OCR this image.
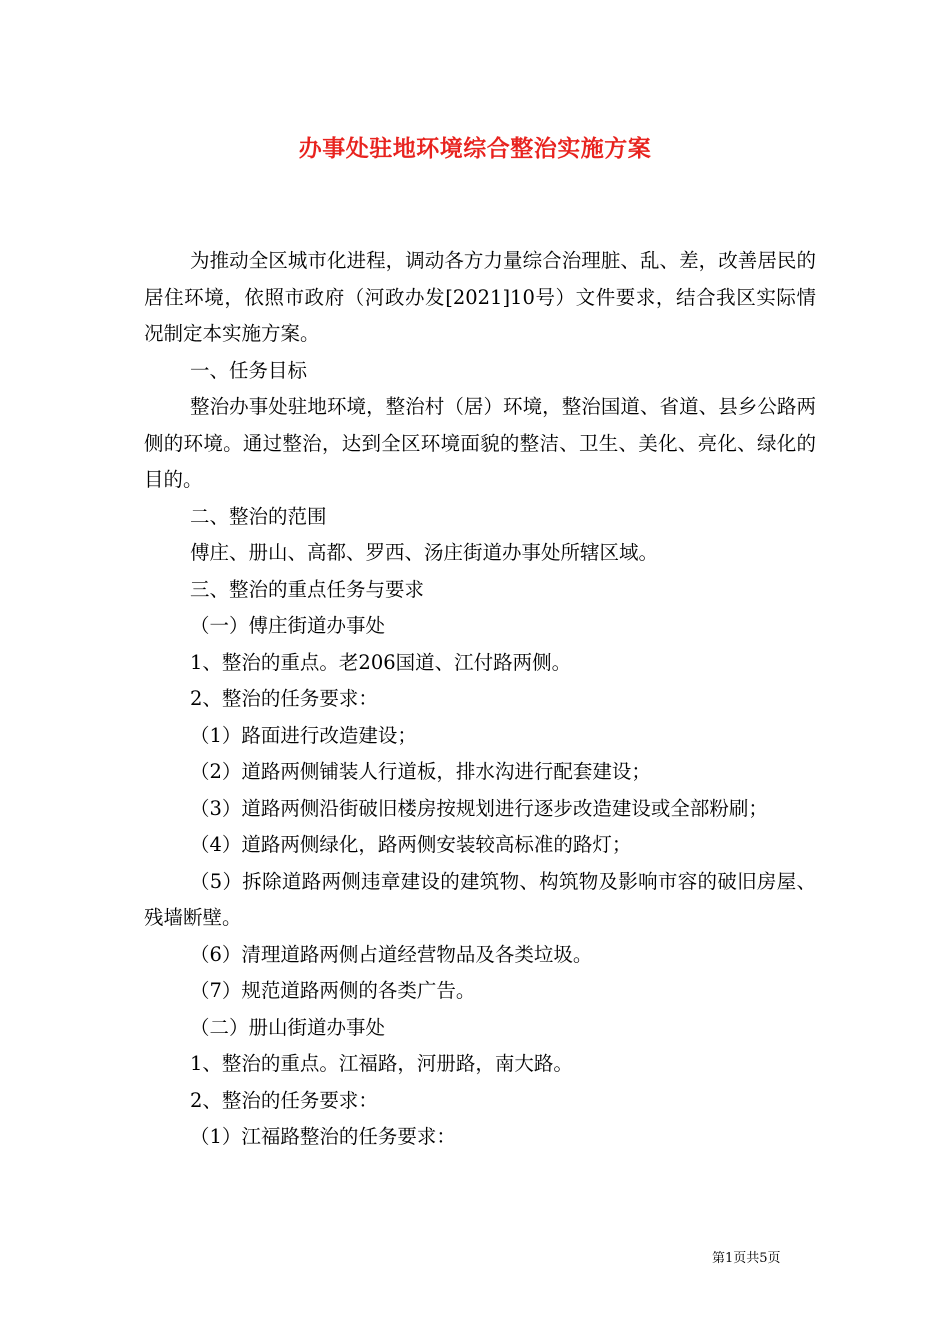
办事处驻地环境综合整治实施方案

为推动全区城市化进程，调动各方力量综合治理脏、乱、差，改善居民的居住环境，依照市政府（河政办发[2021]10号）文件要求，结合我区实际情况制定本实施方案。

一、任务目标

整治办事处驻地环境，整治村（居）环境，整治国道、省道、县乡公路两侧的环境。通过整治，达到全区环境面貌的整洁、卫生、美化、亮化、绿化的目的。

二、整治的范围

傅庄、册山、高都、罗西、汤庄街道办事处所辖区域。

三、整治的重点任务与要求

（一）傅庄街道办事处

1、整治的重点。老206国道、江付路两侧。

2、整治的任务要求：

（1）路面进行改造建设；

（2）道路两侧铺装人行道板，排水沟进行配套建设；

（3）道路两侧沿街破旧楼房按规划进行逐步改造建设或全部粉刷；

（4）道路两侧绿化，路两侧安装较高标准的路灯；

（5）拆除道路两侧违章建设的建筑物、构筑物及影响市容的破旧房屋、残墙断壁。

（6）清理道路两侧占道经营物品及各类垃圾。

（7）规范道路两侧的各类广告。

（二）册山街道办事处

1、整治的重点。江福路，河册路，南大路。

2、整治的任务要求：

（1）江福路整治的任务要求：

第1页共5页
